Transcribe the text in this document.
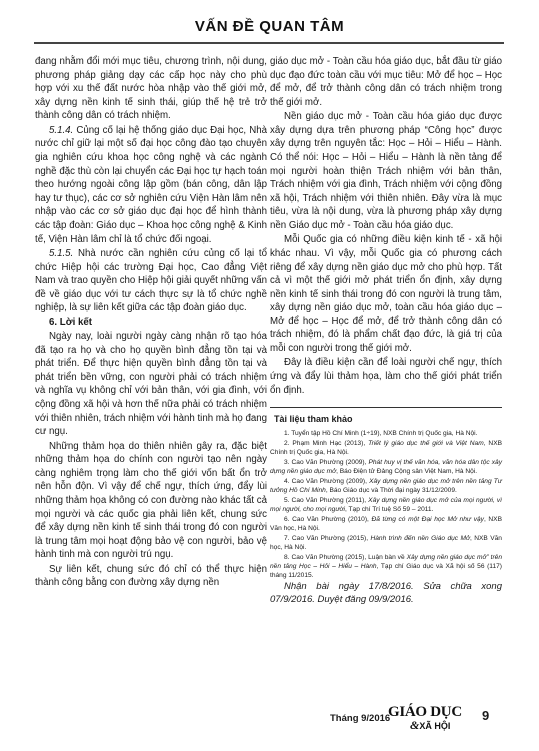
VẤN ĐỀ QUAN TÂM

đang nhằm đổi mới mục tiêu, chương trình, nội dung, phương pháp giảng dạy các cấp học này cho phù hợp với xu thế đất nước hòa nhập vào thế giới mở, xây dựng nền kinh tế sinh thái, giúp thế hệ trẻ trở thành công dân có trách nhiệm.

5.1.4. Củng cố lại hệ thống giáo dục Đại học, Nhà nước chỉ giữ lại một số đại học công đào tạo chuyên gia nghiên cứu khoa học công nghệ và các ngành nghề đặc thù còn lại chuyển các Đại học tự hạch toán theo hướng ngoài công lập gồm (bán công, dân lập hay tư thục), các cơ sở nghiên cứu Viện Hàn lâm nên nhập vào các cơ sở giáo dục đại học để hình thành các tập đoàn: Giáo dục – Khoa học công nghệ & Kinh tế, Viện Hàn lâm chỉ là tổ chức đối ngoại.

5.1.5. Nhà nước cần nghiên cứu củng cố lại tổ chức Hiệp hội các trường Đại học, Cao đẳng Việt Nam và trao quyền cho Hiệp hội giải quyết những vấn đề về giáo dục với tư cách thực sự là tổ chức nghề nghiệp, là sự liên kết giữa các tập đoàn giáo dục.

6. Lời kết

Ngày nay, loài người ngày càng nhận rõ tạo hóa đã tạo ra họ và cho họ quyền bình đẳng tồn tại và phát triển. Để thực hiện quyền bình đẳng tồn tại và phát triển bền vững, con người phải có trách nhiệm và nghĩa vụ không chỉ với bản thân, với gia đình, với cộng đồng xã hội và hơn thế nữa phải có trách nhiệm với thiên nhiên, trách nhiệm với hành tinh mà họ đang cư ngụ.

Những thảm họa do thiên nhiên gây ra, đặc biệt những thảm họa do chính con người tạo nên ngày càng nghiêm trọng làm cho thế giới vốn bất ổn trở nên hỗn độn. Vì vậy để chế ngự, thích ứng, đẩy lùi những thảm họa không có con đường nào khác tất cả mọi người và các quốc gia phải liên kết, chung sức để xây dựng nền kinh tế sinh thái trong đó con người là trung tâm mọi hoạt động bảo vệ con người, bảo vệ hành tinh mà con người trú ngụ.

Sự liên kết, chung sức đó chỉ có thể thực hiện thành công bằng con đường xây dựng nền

giáo dục mở - Toàn cầu hóa giáo dục, bắt đầu từ giáo dục đạo đức toàn cầu với mục tiêu: Mở để học – Học để mở, để trở thành công dân có trách nhiệm trong thế giới mở.

Nền giáo dục mở - Toàn cầu hóa giáo dục được xây dựng dựa trên phương pháp “Công học” được xây dựng trên nguyên tắc: Học – Hỏi – Hiểu – Hành. Có thể nói: Học – Hỏi – Hiểu – Hành là nền tảng để mọi người hoàn thiện Trách nhiệm với bản thân, Trách nhiệm với gia đình, Trách nhiệm với cộng đồng xã hội, Trách nhiệm với thiên nhiên. Đây vừa là mục tiêu, vừa là nội dung, vừa là phương pháp xây dựng nền Giáo dục mở - Toàn cầu hóa giáo dục.

Mỗi Quốc gia có những điều kiện kinh tế - xã hội khác nhau. Vì vậy, mỗi Quốc gia có phương cách riêng để xây dựng nền giáo dục mở cho phù hợp. Tất cả vì một thế giới mở phát triển ổn định, xây dựng nền kinh tế sinh thái trong đó con người là trung tâm, xây dựng nền giáo dục mở, toàn cầu hóa giáo dục – Mở để học – Học để mở, để trở thành công dân có trách nhiệm, đó là phẩm chất đạo đức, là giá trị của mỗi con người trong thế giới mở.

Đây là điều kiện cần để loài người chế ngự, thích ứng và đẩy lùi thảm họa, làm cho thế giới phát triển ổn định.

Tài liệu tham khảo

1. Tuyển tập Hồ Chí Minh (1÷19), NXB Chính trị Quốc gia, Hà Nội.

2. Phạm Minh Hạc (2013), Triết lý giáo dục thế giới và Việt Nam, NXB Chính trị Quốc gia, Hà Nội.

3. Cao Văn Phường (2009), Phát huy vị thế văn hóa, văn hóa dân tộc xây dựng nền giáo dục mở, Báo Điện tử Đảng Cộng sản Việt Nam, Hà Nội.

4. Cao Văn Phường (2009), Xây dựng nền giáo dục mở trên nền tảng Tư tưởng Hồ Chí Minh, Báo Giáo dục và Thời đại ngày 31/12/2009.

5. Cao Văn Phường (2011), Xây dựng nền giáo dục mở của mọi người, vì mọi người, cho mọi người, Tạp chí Trí tuệ Số 59 – 2011.

6. Cao Văn Phường (2010), Đã từng có một Đại học Mở như vậy, NXB Văn học, Hà Nội.

7. Cao Văn Phường (2015), Hành trình đến nền Giáo dục Mở, NXB Văn học, Hà Nội.

8. Cao Văn Phường (2015), Luận bàn về Xây dựng nền giáo dục mở” trên nền tảng Học – Hỏi – Hiểu – Hành, Tạp chí Giáo dục và Xã hội số 56 (117) tháng 11/2015.

Nhận bài ngày 17/8/2016. Sửa chữa xong 07/9/2016. Duyệt đăng 09/9/2016.

Tháng 9/2016
GIÁO DỤC
&XÃ HỘI
9
